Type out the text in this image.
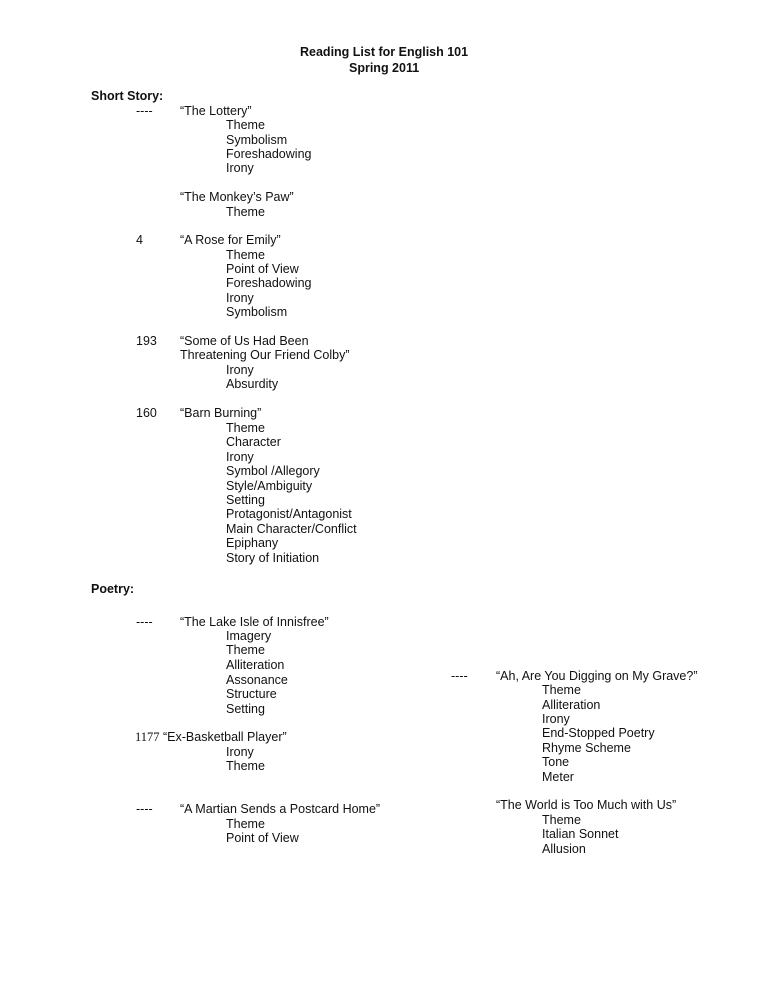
Reading List for English 101
Spring 2011
Short Story:
---- “The Lottery”
Theme
Symbolism
Foreshadowing
Irony
“The Monkey’s Paw”
Theme
4	“A Rose for Emily”
Theme
Point of View
Foreshadowing
Irony
Symbolism
193 “Some of Us Had Been
Threatening Our Friend Colby”
Irony
Absurdity
160 “Barn Burning”
Theme
Character
Irony
Symbol /Allegory
Style/Ambiguity
Setting
Protagonist/Antagonist
Main Character/Conflict
Epiphany
Story of Initiation
Poetry:
---- “The Lake Isle of Innisfree”
Imagery
Theme
Alliteration
Assonance
Structure
Setting
1177 “Ex-Basketball Player”
Irony
Theme
---- “A Martian Sends a Postcard Home”
Theme
Point of View
---- “Ah, Are You Digging on My Grave?”
Theme
Alliteration
Irony
End-Stopped Poetry
Rhyme Scheme
Tone
Meter
“The World is Too Much with Us”
Theme
Italian Sonnet
Allusion
